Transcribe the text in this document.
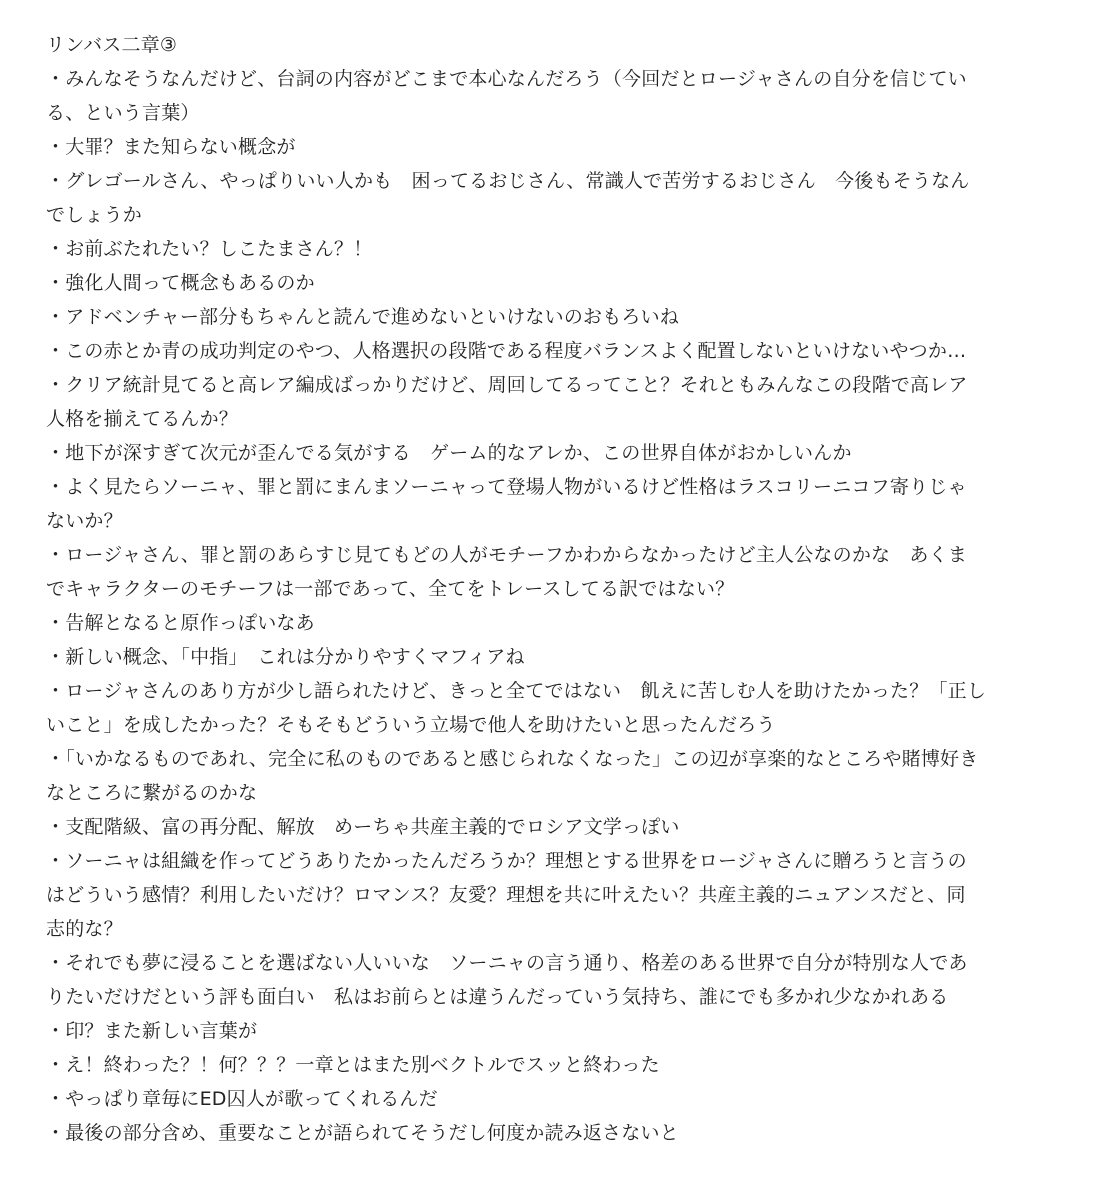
リンバス二章③
・みんなそうなんだけど、台詞の内容がどこまで本心なんだろう（今回だとロージャさんの自分を信じてい
る、という言葉）
・大罪？また知らない概念が
・グレゴールさん、やっぱりいい人かも　困ってるおじさん、常識人で苦労するおじさん　今後もそうなん
でしょうか
・お前ぶたれたい？しこたまさん？！
・強化人間って概念もあるのか
・アドベンチャー部分もちゃんと読んで進めないといけないのおもろいね
・この赤とか青の成功判定のやつ、人格選択の段階である程度バランスよく配置しないといけないやつか…
・クリア統計見てると高レア編成ばっかりだけど、周回してるってこと？それともみんなこの段階で高レア
人格を揃えてるんか？
・地下が深すぎて次元が歪んでる気がする　ゲーム的なアレか、この世界自体がおかしいんか
・よく見たらソーニャ、罪と罰にまんまソーニャって登場人物がいるけど性格はラスコリーニコフ寄りじゃ
ないか？
・ロージャさん、罪と罰のあらすじ見てもどの人がモチーフかわからなかったけど主人公なのかな　あくま
でキャラクターのモチーフは一部であって、全てをトレースしてる訳ではない？
・告解となると原作っぽいなあ
・新しい概念、「中指」　これは分かりやすくマフィアね
・ロージャさんのあり方が少し語られたけど、きっと全てではない　飢えに苦しむ人を助けたかった？「正し
いこと」を成したかった？そもそもどういう立場で他人を助けたいと思ったんだろう
・「いかなるものであれ、完全に私のものであると感じられなくなった」この辺が享楽的なところや賭博好き
なところに繋がるのかな
・支配階級、富の再分配、解放　めーちゃ共産主義的でロシア文学っぽい
・ソーニャは組織を作ってどうありたかったんだろうか？理想とする世界をロージャさんに贈ろうと言うの
はどういう感情？利用したいだけ？ロマンス？友愛？理想を共に叶えたい？共産主義的ニュアンスだと、同
志的な？
・それでも夢に浸ることを選ばない人いいな　ソーニャの言う通り、格差のある世界で自分が特別な人であ
りたいだけだという評も面白い　私はお前らとは違うんだっていう気持ち、誰にでも多かれ少なかれある
・印？また新しい言葉が
・え！終わった？！何？？？一章とはまた別ベクトルでスッと終わった
・やっぱり章毎にED囚人が歌ってくれるんだ
・最後の部分含め、重要なことが語られてそうだし何度か読み返さないと
